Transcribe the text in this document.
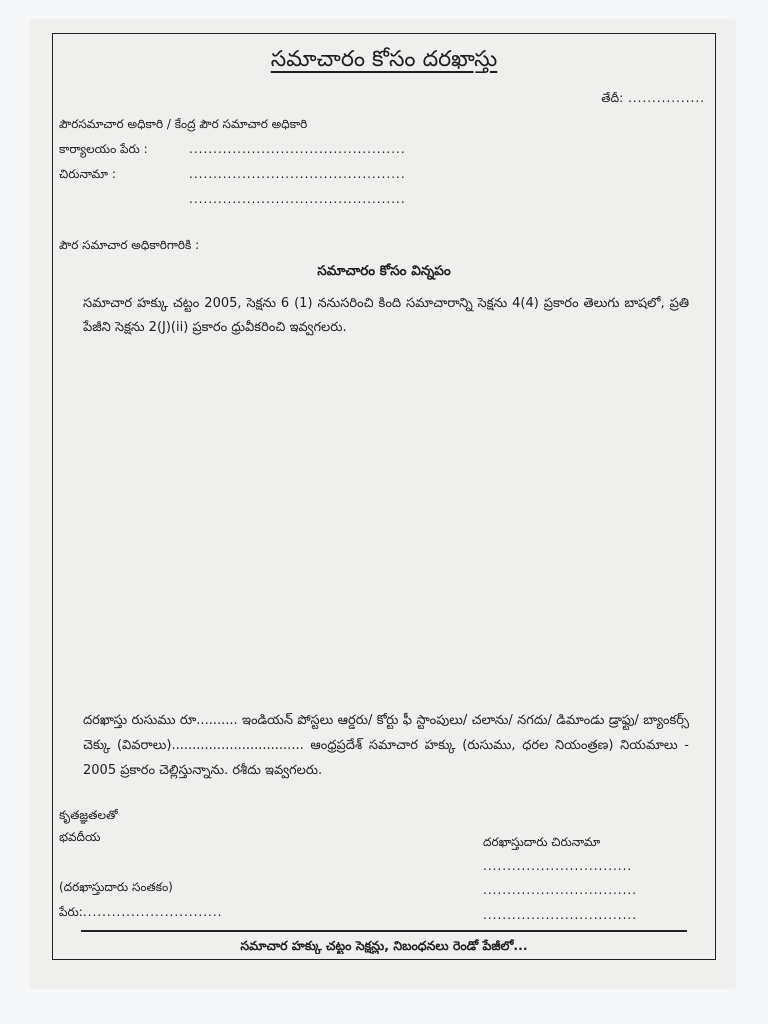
సమాచారం కోసం దరఖాస్తు
తేదీ: ................
పౌరసమాచార అధికారి / కేంద్ర పౌర సమాచార అధికారి
కార్యాలయం పేరు :	.............................................
చిరునామా :	.............................................
.............................................
పౌర సమాచార అధికారిగారికి :
సమాచారం కోసం విన్నపం
సమాచార హక్కు చట్టం 2005, సెక్షను 6 (1) ననుసరించి కింది సమాచారాన్ని సెక్షను 4(4) ప్రకారం తెలుగు బాషలో, ప్రతి పేజీని సెక్షను 2(J)(ii) ప్రకారం ధ్రువీకరించి ఇవ్వగలరు.
దరఖాస్తు రుసుము రూ.......... ఇండియన్ పోస్టలు ఆర్డరు/ కోర్టు ఫీ స్టాంపులు/ చలాను/ నగదు/ డిమాండు డ్రాఫ్టు/ బ్యాంకర్స్ చెక్కు (వివరాలు)................................ ఆంధ్రప్రదేశ్ సమాచార హక్కు (రుసుము, ధరల నియంత్రణ) నియమాలు - 2005 ప్రకారం చెల్లిస్తున్నాను. రశీదు ఇవ్వగలరు.
కృతజ్ఞతలతో
భవదీయ
(దరఖాస్తుదారు సంతకం)
పేరు:.............................
దరఖాస్తుదారు చిరునామా
...............................
................................
................................
సమాచార హక్కు చట్టం సెక్షన్లు, నిబంధనలు రెండో పేజీలో...
